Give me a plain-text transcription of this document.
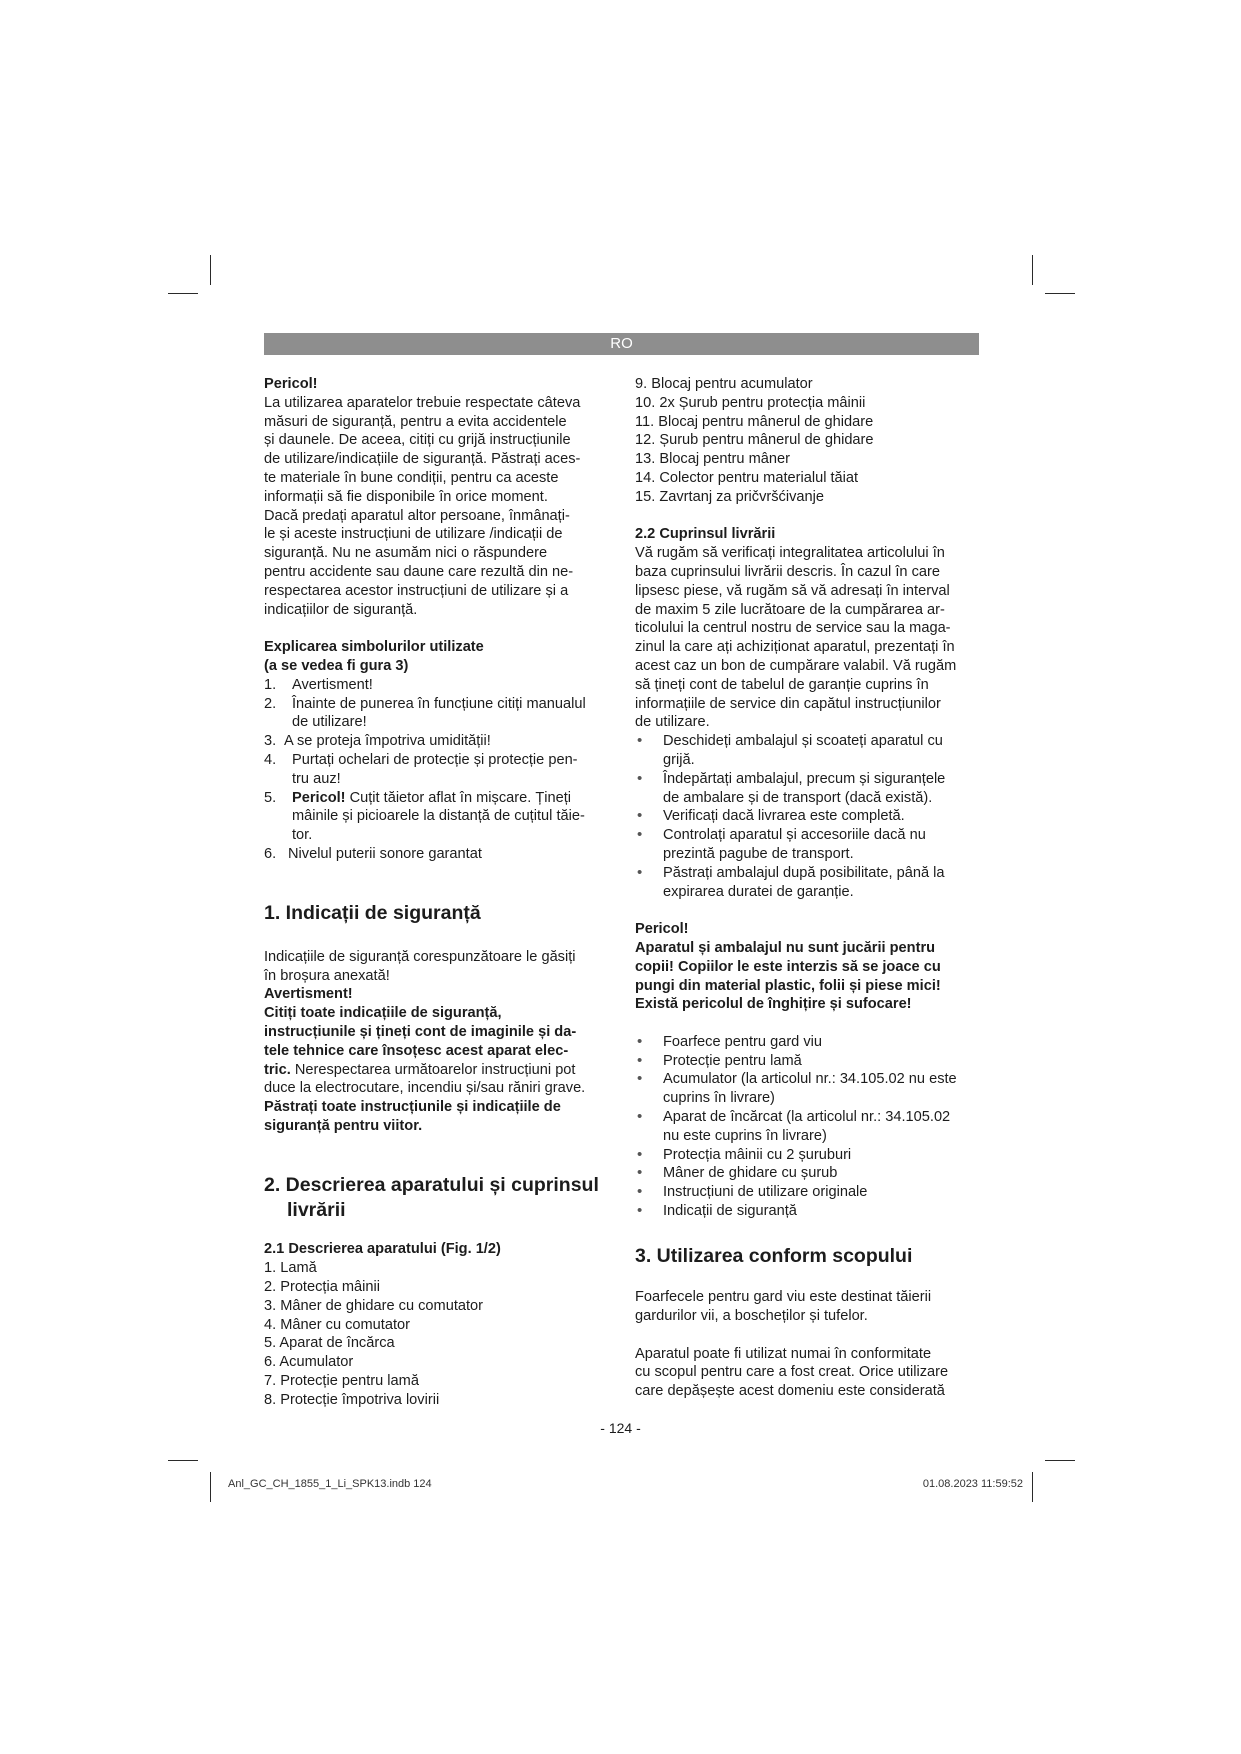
RO

Pericol!

La utilizarea aparatelor trebuie respectate câteva

măsuri de siguranță, pentru a evita accidentele

și daunele. De aceea, citiți cu grijă instrucțiunile

de utilizare/indicațiile de siguranță. Păstrați aces-

te materiale în bune condiții, pentru ca aceste

informații să fie disponibile în orice moment.

Dacă predați aparatul altor persoane, înmânați-

le și aceste instrucțiuni de utilizare /indicații de

siguranță. Nu ne asumăm nici o răspundere

pentru accidente sau daune care rezultă din ne-

respectarea acestor instrucțiuni de utilizare și a

indicațiilor de siguranță.

Explicarea simbolurilor utilizate

(a se vedea fi gura 3)

1. Avertisment!

2. Înainte de punerea în funcțiune citiți manualul

de utilizare!

3. A se proteja împotriva umidității!

4. Purtați ochelari de protecție și protecție pen-

tru auz!

5. Pericol! Cuțit tăietor aflat în mișcare. Țineți

mâinile și picioarele la distanță de cuțitul tăie-

tor.

6. Nivelul puterii sonore garantat

1. Indicații de siguranță

Indicațiile de siguranță corespunzătoare le găsiți

în broșura anexată!

Avertisment!

Citiți toate indicațiile de siguranță,

instrucțiunile și țineți cont de imaginile și da-

tele tehnice care însoțesc acest aparat elec-

tric. Nerespectarea următoarelor instrucțiuni pot

duce la electrocutare, incendiu și/sau răniri grave.

Păstrați toate instrucțiunile și indicațiile de

siguranță pentru viitor.

2. Descrierea aparatului și cuprinsul
livrării

2.1 Descrierea aparatului (Fig. 1/2)

1. Lamă

2. Protecția mâinii

3. Mâner de ghidare cu comutator

4. Mâner cu comutator

5. Aparat de încărca

6. Acumulator

7. Protecție pentru lamă

8. Protecție împotriva lovirii

9. Blocaj pentru acumulator

10. 2x Șurub pentru protecția mâinii

11. Blocaj pentru mânerul de ghidare

12. Șurub pentru mânerul de ghidare

13. Blocaj pentru mâner

14. Colector pentru materialul tăiat

15. Zavrtanj za pričvršćivanje

2.2 Cuprinsul livrării

Vă rugăm să verificați integralitatea articolului în

baza cuprinsului livrării descris. În cazul în care

lipsesc piese, vă rugăm să vă adresați în interval

de maxim 5 zile lucrătoare de la cumpărarea ar-

ticolului la centrul nostru de service sau la maga-

zinul la care ați achiziționat aparatul, prezentați în

acest caz un bon de cumpărare valabil. Vă rugăm

să țineți cont de tabelul de garanție cuprins în

informațiile de service din capătul instrucțiunilor

de utilizare.

• Deschideți ambalajul și scoateți aparatul cu

grijă.

• Îndepărtați ambalajul, precum și siguranțele

de ambalare și de transport (dacă există).

• Verificați dacă livrarea este completă.

• Controlați aparatul și accesoriile dacă nu

prezintă pagube de transport.

• Păstrați ambalajul după posibilitate, până la

expirarea duratei de garanție.

Pericol!

Aparatul și ambalajul nu sunt jucării pentru

copii! Copiilor le este interzis să se joace cu

pungi din material plastic, folii și piese mici!

Există pericolul de înghițire și sufocare!

• Foarfece pentru gard viu

• Protecție pentru lamă

• Acumulator (la articolul nr.: 34.105.02 nu este

cuprins în livrare)

• Aparat de încărcat (la articolul nr.: 34.105.02

nu este cuprins în livrare)

• Protecția mâinii cu 2 șuruburi

• Mâner de ghidare cu șurub

• Instrucțiuni de utilizare originale

• Indicații de siguranță

3. Utilizarea conform scopului

Foarfecele pentru gard viu este destinat tăierii

gardurilor vii, a boscheților și tufelor.

Aparatul poate fi utilizat numai în conformitate

cu scopul pentru care a fost creat. Orice utilizare

care depășește acest domeniu este considerată

- 124 -
Anl_GC_CH_1855_1_Li_SPK13.indb 124	01.08.2023 11:59:52
